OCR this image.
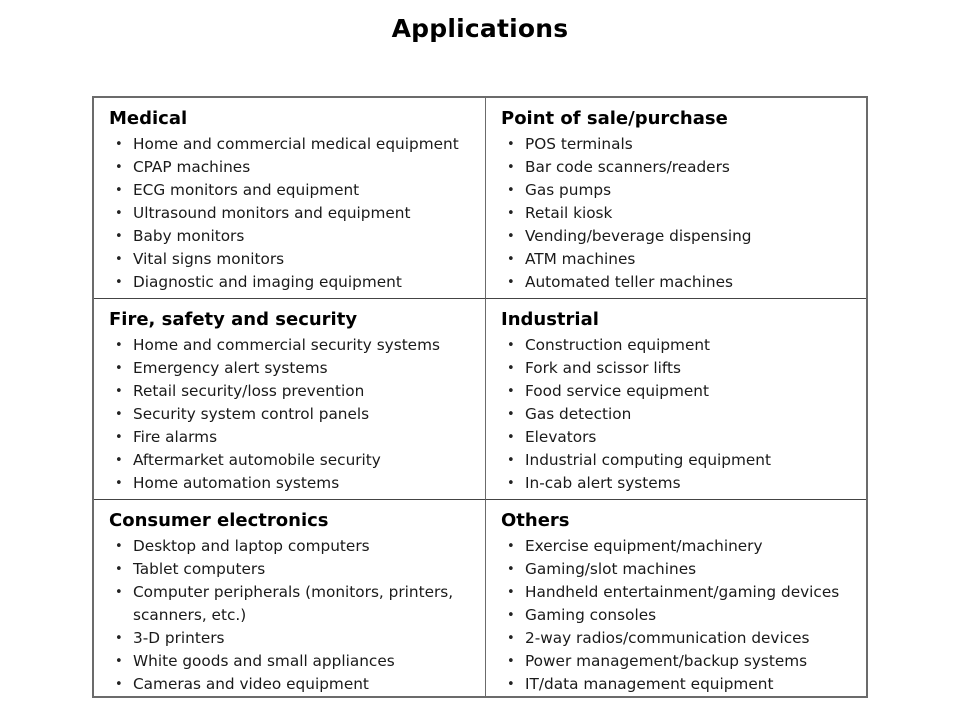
Applications
Medical
• Home and commercial medical equipment
• CPAP machines
• ECG monitors and equipment
• Ultrasound monitors and equipment
• Baby monitors
• Vital signs monitors
• Diagnostic and imaging equipment
Point of sale/purchase
• POS terminals
• Bar code scanners/readers
• Gas pumps
• Retail kiosk
• Vending/beverage dispensing
• ATM machines
• Automated teller machines
Fire, safety and security
• Home and commercial security systems
• Emergency alert systems
• Retail security/loss prevention
• Security system control panels
• Fire alarms
• Aftermarket automobile security
• Home automation systems
Industrial
• Construction equipment
• Fork and scissor lifts
• Food service equipment
• Gas detection
• Elevators
• Industrial computing equipment
• In-cab alert systems
Consumer electronics
• Desktop and laptop computers
• Tablet computers
• Computer peripherals (monitors, printers, scanners, etc.)
• 3-D printers
• White goods and small appliances
• Cameras and video equipment
Others
• Exercise equipment/machinery
• Gaming/slot machines
• Handheld entertainment/gaming devices
• Gaming consoles
• 2-way radios/communication devices
• Power management/backup systems
• IT/data management equipment
